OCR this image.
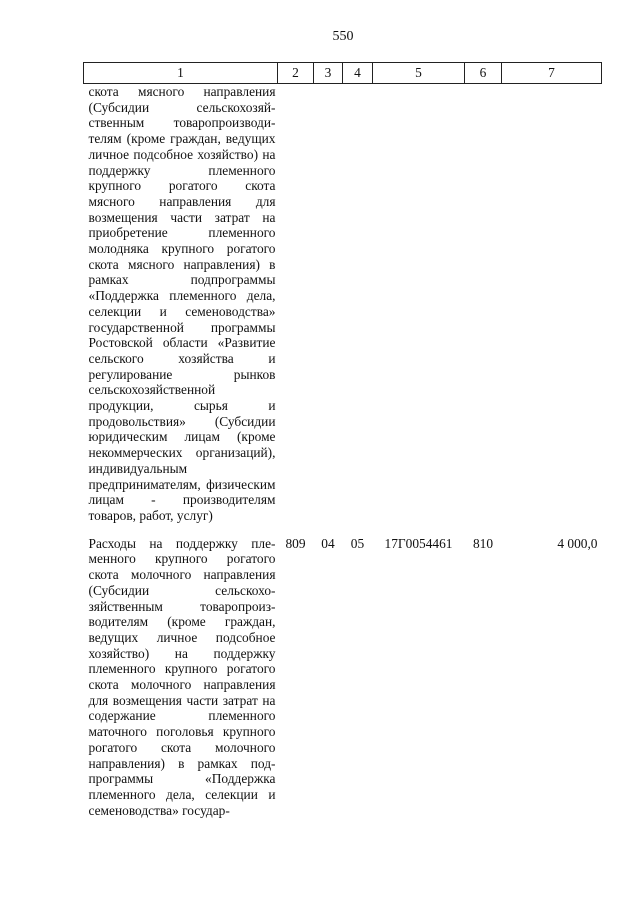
550
1	2	3	4	5	6	7
скота мясного направления (Субсидии сельскохозяйственным товаропроизводителям (кроме граждан, ведущих личное подсобное хозяйство) на поддержку племенного крупного рогатого скота мясного направления для возмещения части затрат на приобретение племенного молодняка крупного рогатого скота мясного направления) в рамках подпрограммы «Поддержка племенного дела, селекции и семеноводства» государственной программы Ростовской области «Развитие сельского хозяйства и регулирование рынков сельскохозяйственной продукции, сырья и продовольствия» (Субсидии юридическим лицам (кроме некоммерческих организаций), индивидуальным предпринимателям, физическим лицам - производителям товаров, работ, услуг)						

Расходы на поддержку племенного крупного рогатого скота молочного направления (Субсидии сельскохозяйственным товаропроизводителям (кроме граждан, ведущих личное подсобное хозяйство) на поддержку племенного крупного рогатого скота молочного направления для возмещения части затрат на содержание племенного маточного поголовья крупного рогатого скота молочного направления) в рамках подпрограммы «Поддержка племенного дела, селекции и семеноводства» государ-	809	04	05	17Г0054461	810	4 000,0
